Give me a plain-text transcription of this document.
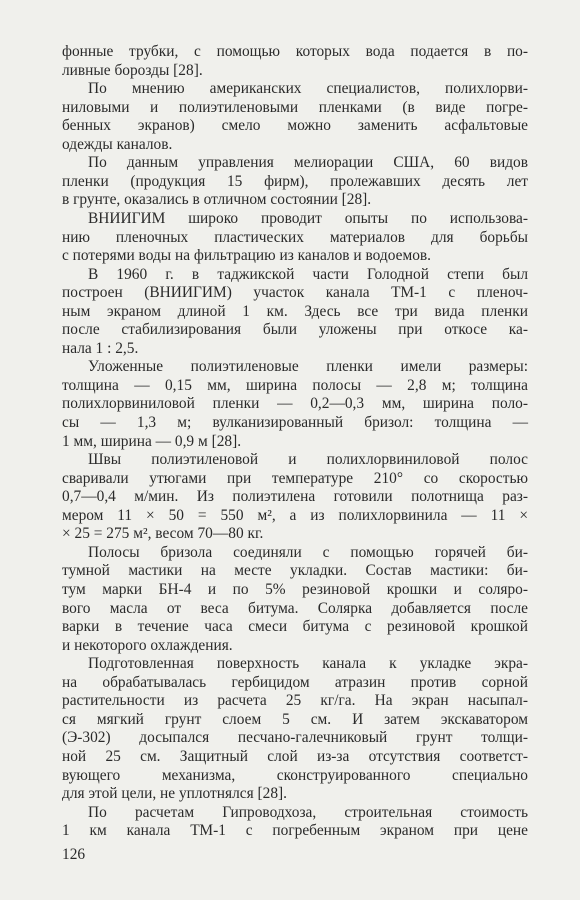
фонные трубки, с помощью которых вода подается в по-
ливные борозды [28].
По мнению американских специалистов, полихлорви-
ниловыми и полиэтиленовыми пленками (в виде погре-
бенных экранов) смело можно заменить асфальтовые
одежды каналов.
По данным управления мелиорации США, 60 видов
пленки (продукция 15 фирм), пролежавших десять лет
в грунте, оказались в отличном состоянии [28].
ВНИИГИМ широко проводит опыты по использова-
нию пленочных пластических материалов для борьбы
с потерями воды на фильтрацию из каналов и водоемов.
В 1960 г. в таджикской части Голодной степи был
построен (ВНИИГИМ) участок канала ТМ-1 с пленоч-
ным экраном длиной 1 км. Здесь все три вида пленки
после стабилизирования были уложены при откосе ка-
нала 1 : 2,5.
Уложенные полиэтиленовые пленки имели размеры:
толщина — 0,15 мм, ширина полосы — 2,8 м; толщина
полихлорвиниловой пленки — 0,2—0,3 мм, ширина поло-
сы — 1,3 м; вулканизированный бризол: толщина —
1 мм, ширина — 0,9 м [28].
Швы полиэтиленовой и полихлорвиниловой полос
сваривали утюгами при температуре 210° со скоростью
0,7—0,4 м/мин. Из полиэтилена готовили полотнища раз-
мером 11 × 50 = 550 м², а из полихлорвинила — 11 ×
× 25 = 275 м², весом 70—80 кг.
Полосы бризола соединяли с помощью горячей би-
тумной мастики на месте укладки. Состав мастики: би-
тум марки БН-4 и по 5% резиновой крошки и соляро-
вого масла от веса битума. Солярка добавляется после
варки в течение часа смеси битума с резиновой крошкой
и некоторого охлаждения.
Подготовленная поверхность канала к укладке экра-
на обрабатывалась гербицидом атразин против сорной
растительности из расчета 25 кг/га. На экран насыпал-
ся мягкий грунт слоем 5 см. И затем экскаватором
(Э-302) досыпался песчано-галечниковый грунт толщи-
ной 25 см. Защитный слой из-за отсутствия соответст-
вующего механизма, сконструированного специально
для этой цели, не уплотнялся [28].
По расчетам Гипроводхоза, строительная стоимость
1 км канала ТМ-1 с погребенным экраном при цене
126
